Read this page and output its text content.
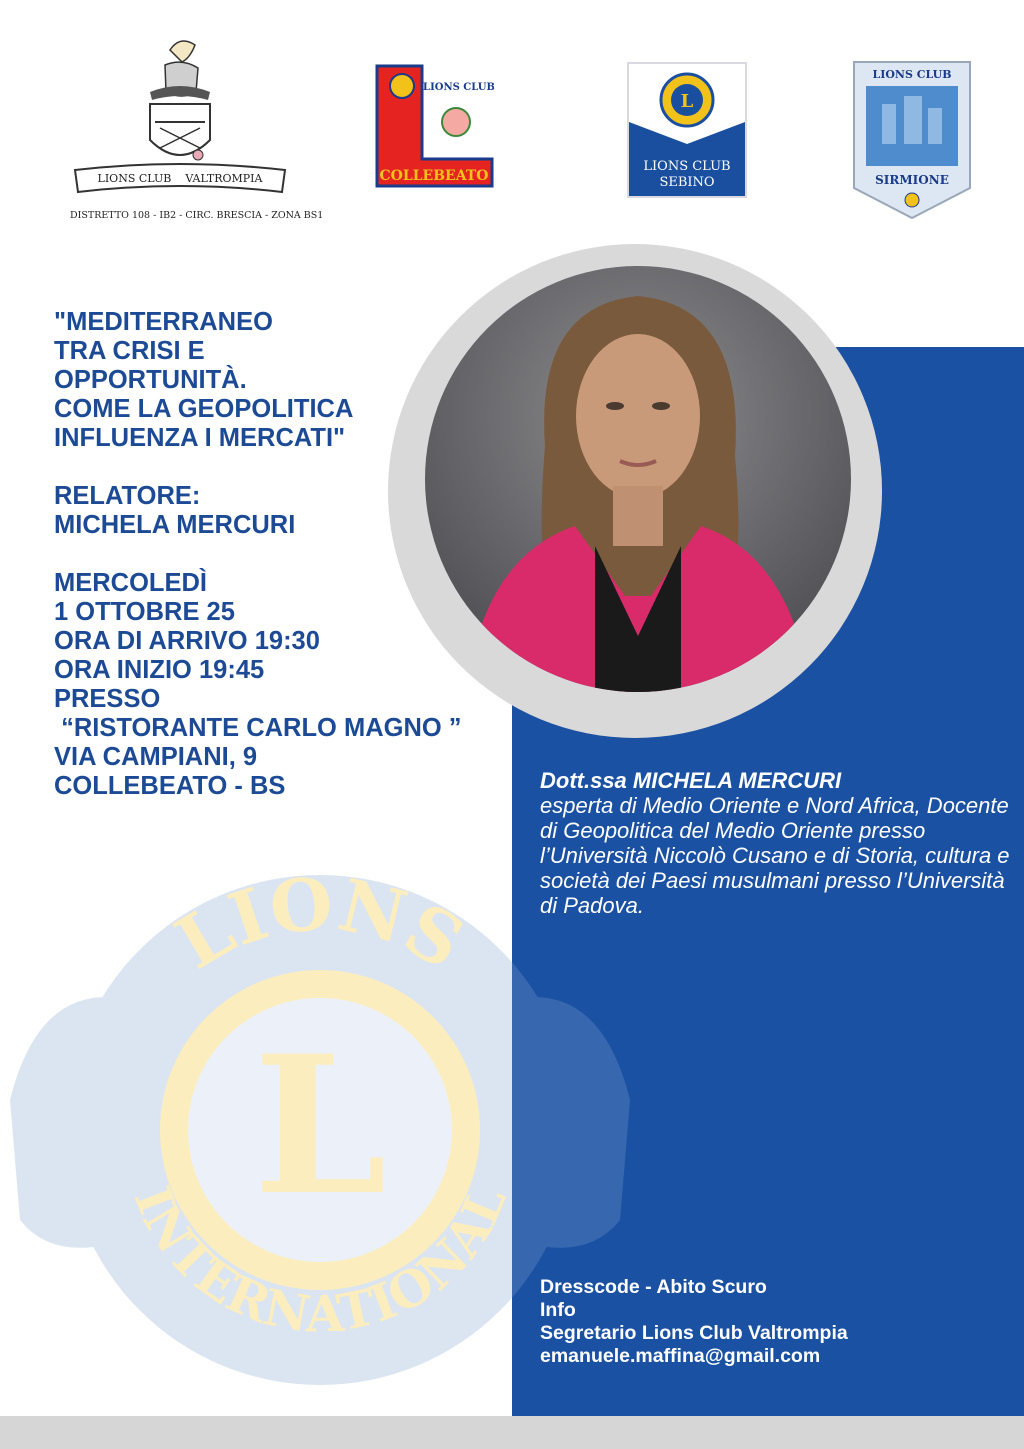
LIONS
L
INTERNATIONAL
LIONS CLUB    VALTROMPIA
DISTRETTO 108 - IB2 - CIRC. BRESCIA - ZONA BS1
LIONS CLUB
COLLEBEATO
L
LIONS CLUB
SEBINO
LIONS CLUB
SIRMIONE

"MEDITERRANEO

TRA CRISI E

OPPORTUNITÀ.

COME LA GEOPOLITICA

INFLUENZA I MERCATI"

RELATORE:

MICHELA MERCURI

MERCOLEDÌ

1 OTTOBRE 25

ORA DI ARRIVO 19:30

ORA INIZIO 19:45

PRESSO

“RISTORANTE CARLO MAGNO ”

VIA CAMPIANI, 9

COLLEBEATO - BS	Dott.ssa MICHELA MERCURI
esperta di Medio Oriente e Nord Africa, Docente di Geopolitica del Medio Oriente presso l’Università Niccolò Cusano e di Storia, cultura e società dei Paesi musulmani presso l’Università di Padova.

Dresscode - Abito Scuro

Info

Segretario Lions Club Valtrompia

emanuele.maffina@gmail.com
